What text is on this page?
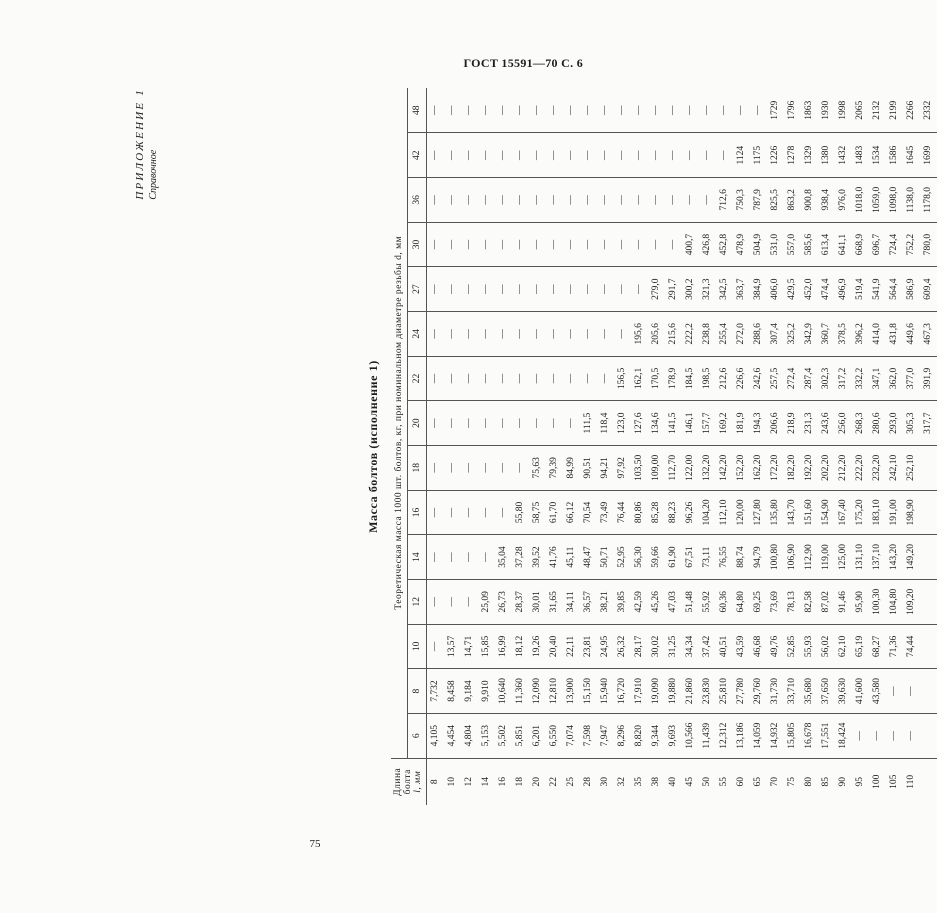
ГОСТ 15591—70 С. 6
ПРИЛОЖЕНИЕ 1 Справочное
Масса болтов (исполнение 1)
Длина болта l, мм	Теоретическая масса 1000 шт. болтов, кг, при номинальном диаметре резьбы d, мм														
	6	8	10	12	14	16	18	20	22	24	27	30	36	42	48
8	4,105	7,732	—	—	—	—	—	—	—	—	—	—	—	—	—
10	4,454	8,458	13,57	—	—	—	—	—	—	—	—	—	—	—	—
12	4,804	9,184	14,71	—	—	—	—	—	—	—	—	—	—	—	—
14	5,153	9,910	15,85	25,09	—	—	—	—	—	—	—	—	—	—	—
16	5,502	10,640	16,99	26,73	35,04	—	—	—	—	—	—	—	—	—	—
18	5,851	11,360	18,12	28,37	37,28	55,80	—	—	—	—	—	—	—	—	—
20	6,201	12,090	19,26	30,01	39,52	58,75	75,63	—	—	—	—	—	—	—	—
22	6,550	12,810	20,40	31,65	41,76	61,70	79,39	—	—	—	—	—	—	—	—
25	7,074	13,900	22,11	34,11	45,11	66,12	84,99	—	—	—	—	—	—	—	—
28	7,598	15,150	23,81	36,57	48,47	70,54	90,51	111,5	—	—	—	—	—	—	—
30	7,947	15,940	24,95	38,21	50,71	73,49	94,21	118,4	—	—	—	—	—	—	—
32	8,296	16,720	26,32	39,85	52,95	76,44	97,92	123,0	156,5	—	—	—	—	—	—
35	8,820	17,910	28,17	42,59	56,30	80,86	103,50	127,6	162,1	195,6	—	—	—	—	—
38	9,344	19,090	30,02	45,26	59,66	85,28	109,00	134,6	170,5	205,6	279,0	—	—	—	—
40	9,693	19,880	31,25	47,03	61,90	88,23	112,70	141,5	178,9	215,6	291,7	—	—	—	—
45	10,566	21,860	34,34	51,48	67,51	96,26	122,00	146,1	184,5	222,2	300,2	400,7	—	—	—
50	11,439	23,830	37,42	55,92	73,11	104,20	132,20	157,7	198,5	238,8	321,3	426,8	—	—	—
55	12,312	25,810	40,51	60,36	76,55	112,10	142,20	169,2	212,6	255,4	342,5	452,8	712,6	—	—
60	13,186	27,780	43,59	64,80	88,74	120,00	152,20	181,9	226,6	272,0	363,7	478,9	750,3	1124	—
65	14,059	29,760	46,68	69,25	94,79	127,80	162,20	194,3	242,6	288,6	384,9	504,9	787,9	1175	—
70	14,932	31,730	49,76	73,69	100,80	135,80	172,20	206,6	257,5	307,4	406,0	531,0	825,5	1226	1729
75	15,805	33,710	52,85	78,13	106,90	143,70	182,20	218,9	272,4	325,2	429,5	557,0	863,2	1278	1796
80	16,678	35,680	55,93	82,58	112,90	151,60	192,20	231,3	287,4	342,9	452,0	585,6	900,8	1329	1863
85	17,551	37,650	56,02	87,02	119,00	154,90	202,20	243,6	302,3	360,7	474,4	613,4	938,4	1380	1930
90	18,424	39,630	62,10	91,46	125,00	167,40	212,20	256,0	317,2	378,5	496,9	641,1	976,0	1432	1998
95	—	41,600	65,19	95,90	131,10	175,20	222,20	268,3	332,2	396,2	519,4	668,9	1018,0	1483	2065
100	—	43,580	68,27	100,30	137,10	183,10	232,20	280,6	347,1	414,0	541,9	696,7	1059,0	1534	2132
105	—	—	71,36	104,80	143,20	191,00	242,10	293,0	362,0	431,8	564,4	724,4	1098,0	1586	2199
110	—	—	74,44	109,20	149,20	198,90	252,10	305,3	377,0	449,6	586,9	752,2	1138,0	1645	2266
								317,7	391,9	467,3	609,4	780,0	1178,0	1699	2332
75
